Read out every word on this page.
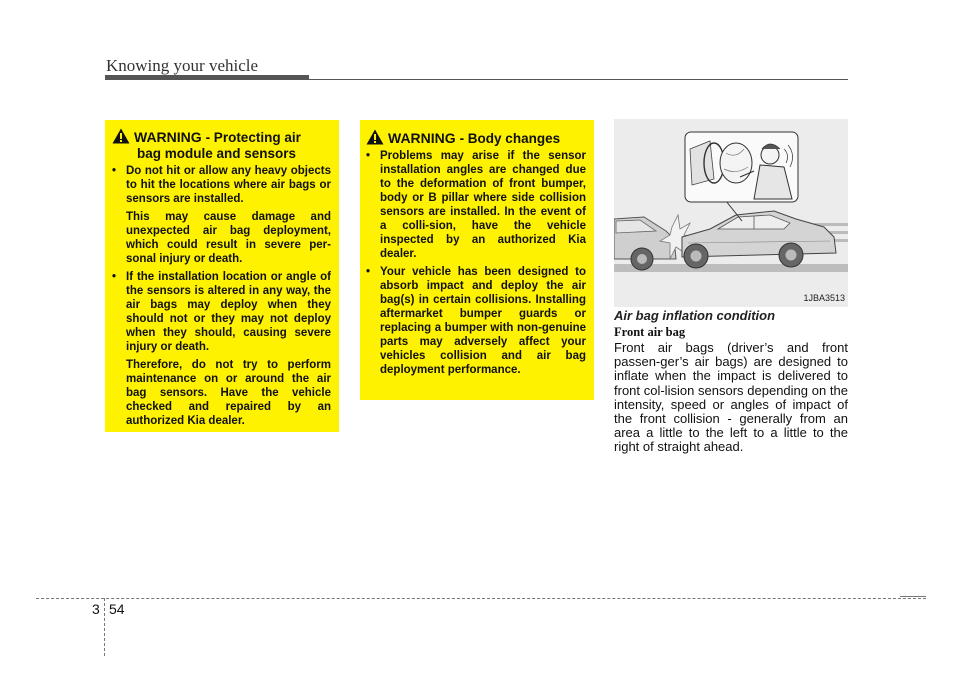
Knowing your vehicle
WARNING - Protecting air
bag module and sensors
• Do not hit or allow any heavy objects to hit the locations where air bags or sensors are installed.

This may cause damage and unexpected air bag deployment, which could result in severe per-sonal injury or death.

• If the installation location or angle of the sensors is altered in any way, the air bags may deploy when they should not or they may not deploy when they should, causing severe injury or death.

Therefore, do not try to perform maintenance on or around the air bag sensors. Have the vehicle checked and repaired by an authorized Kia dealer.

WARNING - Body changes
• Problems may arise if the sensor installation angles are changed due to the deformation of front bumper, body or B pillar where side collision sensors are installed. In the event of a colli-sion, have the vehicle inspected by an authorized Kia dealer.

• Your vehicle has been designed to absorb impact and deploy the air bag(s) in certain collisions. Installing aftermarket bumper guards or replacing a bumper with non-genuine parts may adversely affect your vehicles collision and air bag deployment performance.

1JBA3513
Air bag inflation condition
Front air bag
Front air bags (driver’s and front passen-ger’s air bags) are designed to inflate when the impact is delivered to front col-lision sensors depending on the intensity, speed or angles of impact of the front collision - generally from an area a little to the left to a little to the right of straight ahead.
3 54
